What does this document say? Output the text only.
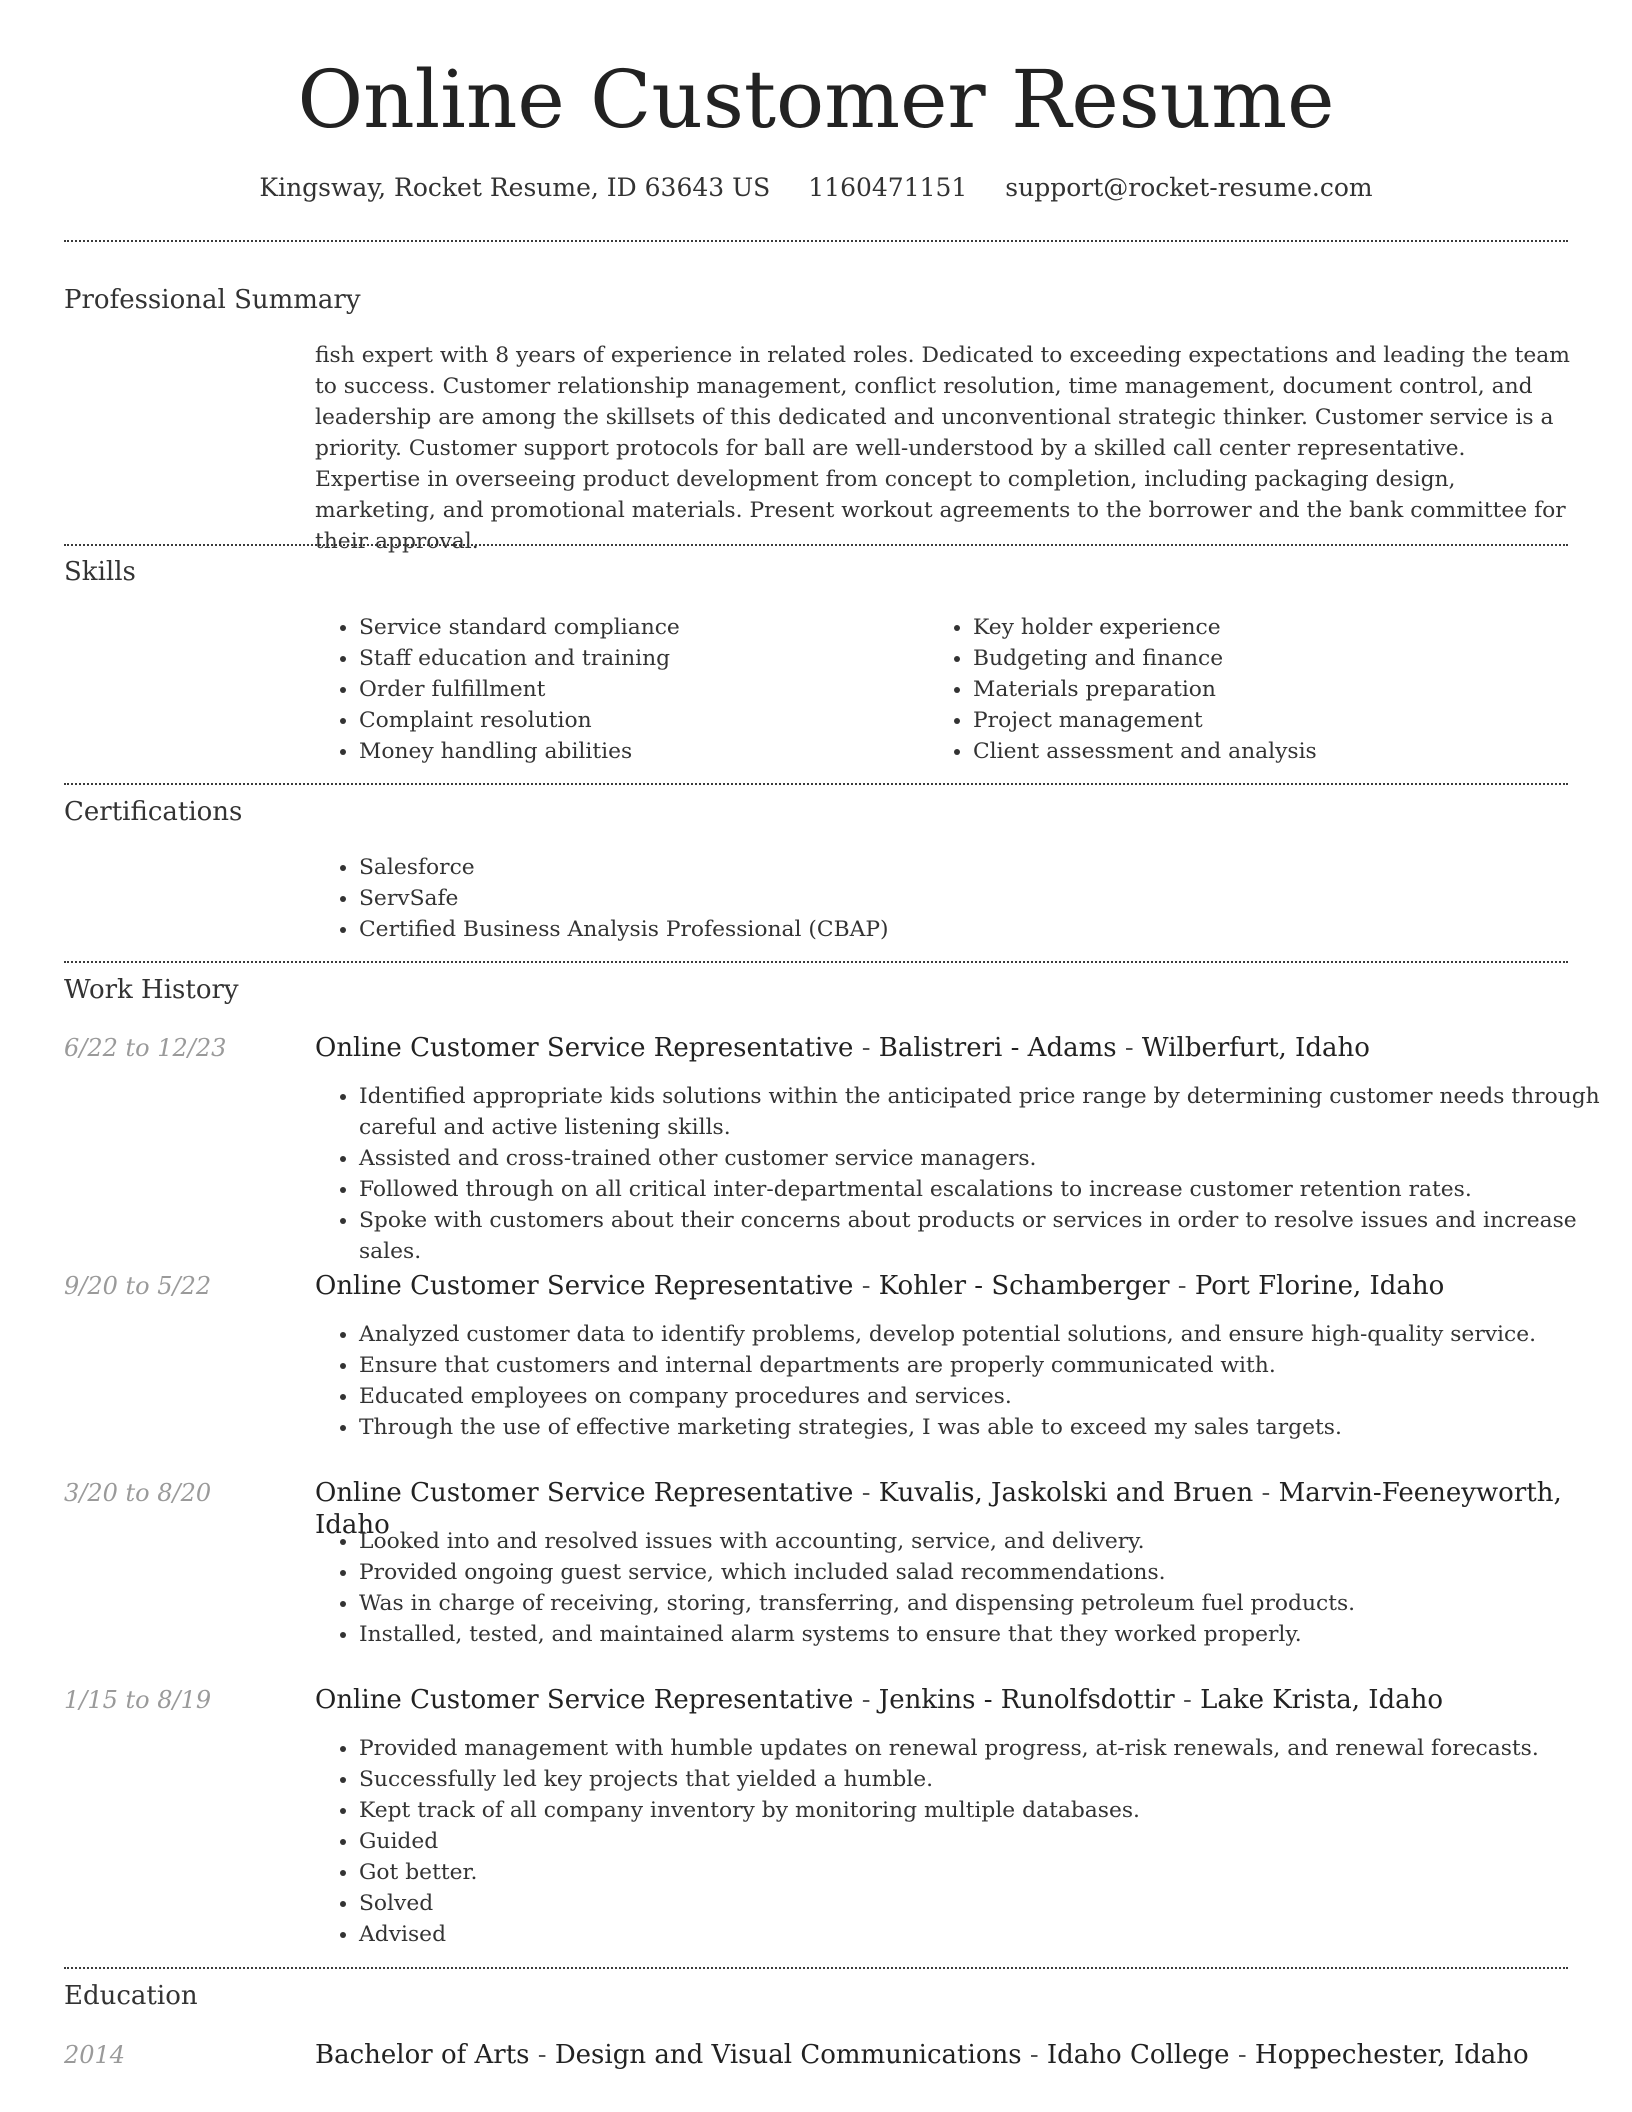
Online Customer Resume
Kingsway, Rocket Resume, ID 63643 US 1160471151 support@rocket-resume.com
Professional Summary
fish expert with 8 years of experience in related roles. Dedicated to exceeding expectations and leading the team to success. Customer relationship management, conflict resolution, time management, document control, and leadership are among the skillsets of this dedicated and unconventional strategic thinker. Customer service is a priority. Customer support protocols for ball are well-understood by a skilled call center representative. Expertise in overseeing product development from concept to completion, including packaging design, marketing, and promotional materials. Present workout agreements to the borrower and the bank committee for their approval.
Skills
• Service standard compliance
• Staff education and training
• Order fulfillment
• Complaint resolution
• Money handling abilities
• Key holder experience
• Budgeting and finance
• Materials preparation
• Project management
• Client assessment and analysis
Certifications
• Salesforce
• ServSafe
• Certified Business Analysis Professional (CBAP)
Work History
6/22 to 12/23	Online Customer Service Representative - Balistreri - Adams - Wilberfurt, Idaho
• Identified appropriate kids solutions within the anticipated price range by determining customer needs through careful and active listening skills.
• Assisted and cross-trained other customer service managers.
• Followed through on all critical inter-departmental escalations to increase customer retention rates.
• Spoke with customers about their concerns about products or services in order to resolve issues and increase sales.
9/20 to 5/22	Online Customer Service Representative - Kohler - Schamberger - Port Florine, Idaho
• Analyzed customer data to identify problems, develop potential solutions, and ensure high-quality service.
• Ensure that customers and internal departments are properly communicated with.
• Educated employees on company procedures and services.
• Through the use of effective marketing strategies, I was able to exceed my sales targets.
3/20 to 8/20	Online Customer Service Representative - Kuvalis, Jaskolski and Bruen - Marvin-Feeneyworth, Idaho
• Looked into and resolved issues with accounting, service, and delivery.
• Provided ongoing guest service, which included salad recommendations.
• Was in charge of receiving, storing, transferring, and dispensing petroleum fuel products.
• Installed, tested, and maintained alarm systems to ensure that they worked properly.
1/15 to 8/19	Online Customer Service Representative - Jenkins - Runolfsdottir - Lake Krista, Idaho
• Provided management with humble updates on renewal progress, at-risk renewals, and renewal forecasts.
• Successfully led key projects that yielded a humble.
• Kept track of all company inventory by monitoring multiple databases.
• Guided
• Got better.
• Solved
• Advised
Education
2014	Bachelor of Arts - Design and Visual Communications - Idaho College - Hoppechester, Idaho
